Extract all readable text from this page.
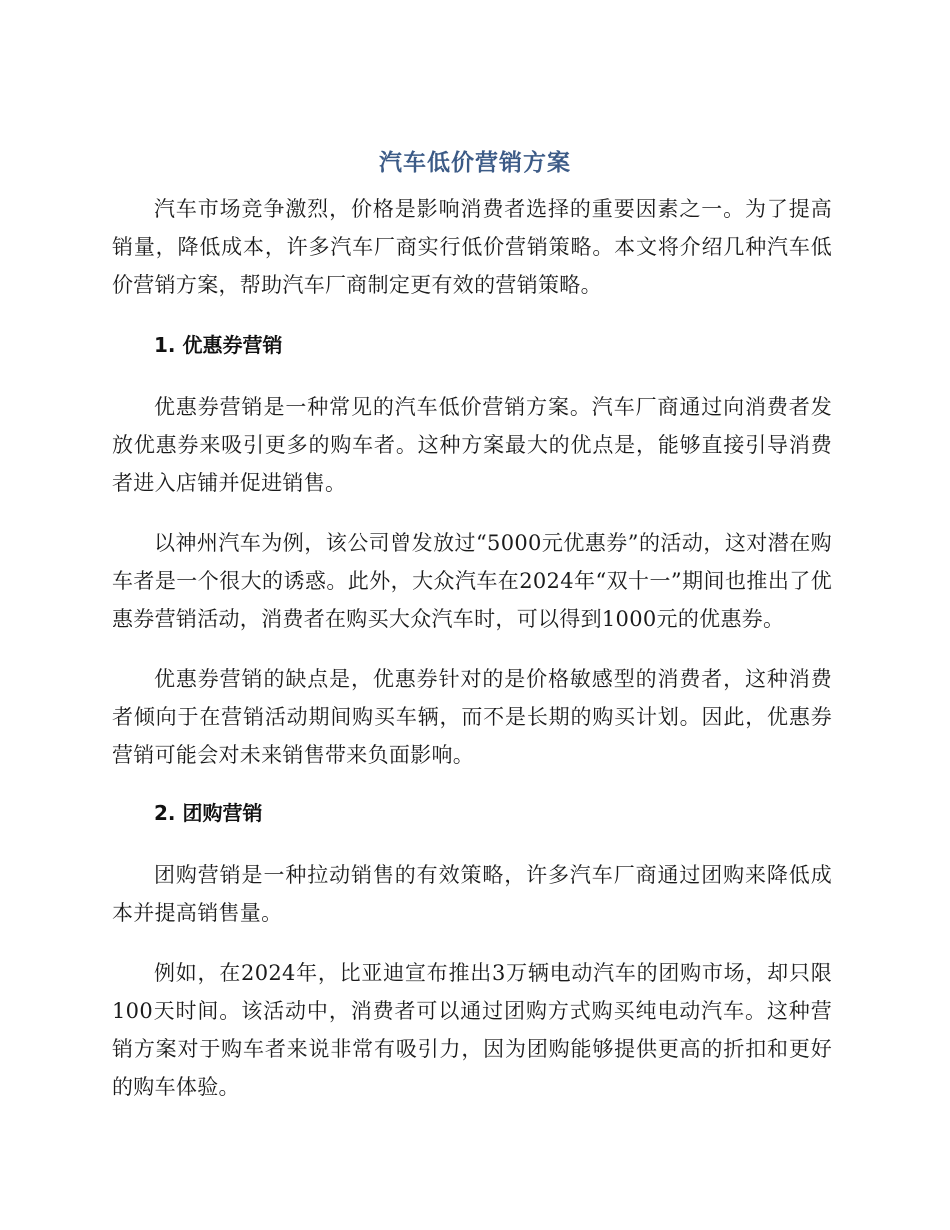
汽车低价营销方案

汽车市场竞争激烈，价格是影响消费者选择的重要因素之一。为了提高销量，降低成本，许多汽车厂商实行低价营销策略。本文将介绍几种汽车低价营销方案，帮助汽车厂商制定更有效的营销策略。

1. 优惠券营销

优惠券营销是一种常见的汽车低价营销方案。汽车厂商通过向消费者发放优惠券来吸引更多的购车者。这种方案最大的优点是，能够直接引导消费者进入店铺并促进销售。

以神州汽车为例，该公司曾发放过“5000元优惠券”的活动，这对潜在购车者是一个很大的诱惑。此外，大众汽车在2024年“双十一”期间也推出了优惠券营销活动，消费者在购买大众汽车时，可以得到1000元的优惠券。

优惠券营销的缺点是，优惠券针对的是价格敏感型的消费者，这种消费者倾向于在营销活动期间购买车辆，而不是长期的购买计划。因此，优惠券营销可能会对未来销售带来负面影响。

2. 团购营销

团购营销是一种拉动销售的有效策略，许多汽车厂商通过团购来降低成本并提高销售量。

例如，在2024年，比亚迪宣布推出3万辆电动汽车的团购市场，却只限100天时间。该活动中，消费者可以通过团购方式购买纯电动汽车。这种营销方案对于购车者来说非常有吸引力，因为团购能够提供更高的折扣和更好的购车体验。
